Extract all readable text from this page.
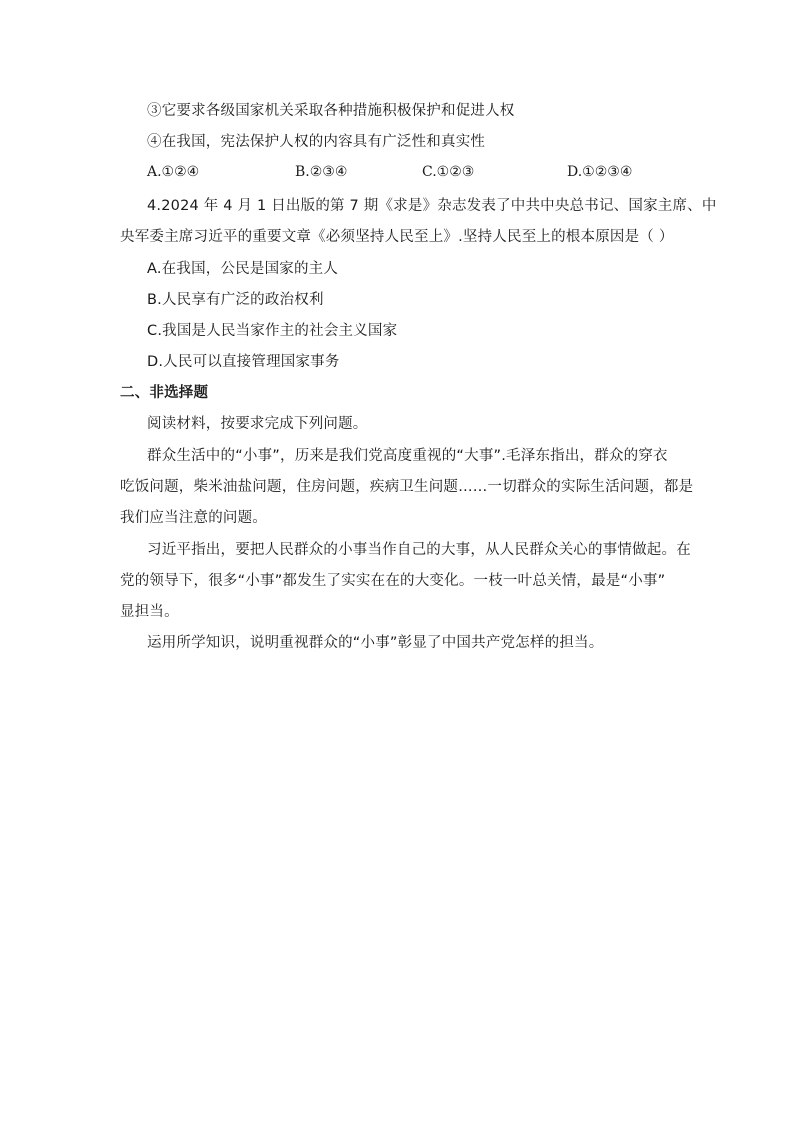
③它要求各级国家机关采取各种措施积极保护和促进人权
④在我国，宪法保护人权的内容具有广泛性和真实性
A.①②④	B.②③④	C.①②③	D.①②③④
4.2024 年 4 月 1 日出版的第 7 期《求是》杂志发表了中共中央总书记、国家主席、中
央军委主席习近平的重要文章《必须坚持人民至上》.坚持人民至上的根本原因是（ ）
A.在我国，公民是国家的主人
B.人民享有广泛的政治权利
C.我国是人民当家作主的社会主义国家
D.人民可以直接管理国家事务
二、非选择题
阅读材料，按要求完成下列问题。
群众生活中的“小事”，历来是我们党高度重视的“大事”.毛泽东指出，群众的穿衣
吃饭问题，柴米油盐问题，住房问题，疾病卫生问题……一切群众的实际生活问题，都是
我们应当注意的问题。
习近平指出，要把人民群众的小事当作自己的大事，从人民群众关心的事情做起。在
党的领导下，很多“小事”都发生了实实在在的大变化。一枝一叶总关情，最是“小事”
显担当。
运用所学知识，说明重视群众的“小事”彰显了中国共产党怎样的担当。
